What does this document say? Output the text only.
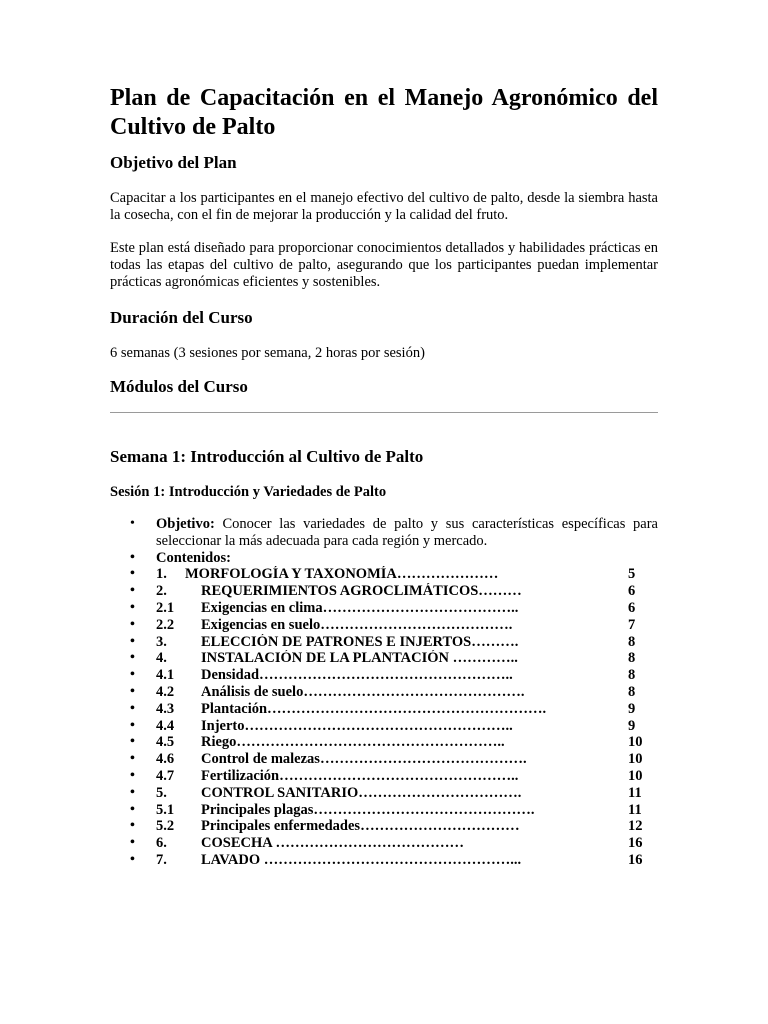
Plan de Capacitación en el Manejo Agronómico del Cultivo de Palto
Objetivo del Plan

Capacitar a los participantes en el manejo efectivo del cultivo de palto, desde la siembra hasta la cosecha, con el fin de mejorar la producción y la calidad del fruto.

Este plan está diseñado para proporcionar conocimientos detallados y habilidades prácticas en todas las etapas del cultivo de palto, asegurando que los participantes puedan implementar prácticas agronómicas eficientes y sostenibles.

Duración del Curso

6 semanas (3 sesiones por semana, 2 horas por sesión)

Módulos del Curso
Semana 1: Introducción al Cultivo de Palto
Sesión 1: Introducción y Variedades de Palto
• Objetivo: Conocer las variedades de palto y sus características específicas para seleccionar la más adecuada para cada región y mercado.
• Contenidos:
• 1.	MORFOLOGÍA Y TAXONOMÍA…………………	5
• 2.	REQUERIMIENTOS AGROCLIMÁTICOS………	6
• 2.1	Exigencias en clima…………………………………..	6
• 2.2	Exigencias en suelo………………………………….	7
• 3.	ELECCIÓN DE PATRONES E INJERTOS……….	8
• 4.	INSTALACIÓN DE LA PLANTACIÓN …………..	8
• 4.1	Densidad……………………………………………..	8
• 4.2	Análisis de suelo……………………………………….	8
• 4.3	Plantación………………………………………………….	9
• 4.4	Injerto………………………………………………..	9
• 4.5	Riego………………………………………………..	10
• 4.6	Control de malezas…………………………………….	10
• 4.7	Fertilización…………………………………………..	10
• 5.	CONTROL SANITARIO…………………………….	11
• 5.1	Principales plagas……………………………………….	11
• 5.2	Principales enfermedades……………………………	12
• 6.	COSECHA …………………………………	16
• 7.	LAVADO ……………………………………………...	16
